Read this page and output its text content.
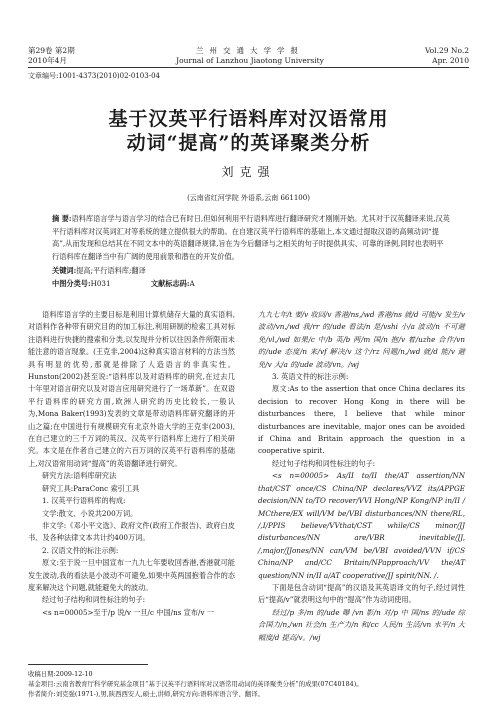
第29卷 第2期
2010年4月
兰州交通大学学报
Journal of Lanzhou Jiaotong University
Vol.29 No.2
Apr. 2010
文章编号:1001-4373(2010)02-0103-04
基于汉英平行语料库对汉语常用
动词“提高”的英译聚类分析
刘克强
(云南省红河学院 外语系,云南 661100)
摘 要:语料库语言学与语言学习的结合已有时日,但如何利用平行语料库进行翻译研究才刚刚开始。尤其对于汉英翻译来说,汉英平行语料库对汉英词汇对等系统的建立提供很大的帮助。在自建汉英平行语料库的基础上,本文通过提取汉语的高频动词“提高”,从而发现和总结其在不同文本中的英语翻译规律,旨在为今后翻译与之相关的句子时提供具实、可靠的译例,同时也表明平行语料库在翻译当中有广阔的使用前景和潜在的开发价值。
关键词:提高;平行语料库;翻译
中图分类号:H031	文献标志码:A

语料库语言学的主要目标是利用计算机储存大量的真实语料,对语料作各种带有研究目的的加工标注,利用研制的检索工具对标注语料进行快捷的搜索和分类,以发现并分析以往因条件所限而未能注意的语言现象。(王克非,2004)这种真实语言材料的方法当然具有明显的优势,那就是排除了人造语言的非真实性。Hunston(2002)甚至说:“语料库以及对语料库的研究,在过去几十年里对语言研究以及对语言应用研究进行了一场革新”。在双语平行语料库的研究方面,欧洲人研究的历史比较长,一般认为,Mona Baker(1993)发表的文章是带动语料库研究翻译的开山之篇;在中国进行有规模研究有北京外语大学的王克非(2003),在自己建立的三千万词的英汉、汉英平行语料库上进行了相关研究。本文是在作者自己建立的六百万词的汉英平行语料库的基础上,对汉语常用动词“提高”的英语翻译进行研究。

研究方法:语料库研究法

研究工具:ParaConc 索引工具

1. 汉英平行语料库的构成:

文学:散文、小说共200万词。

非文学:《邓小平文选》、政府文件(政府工作报告)、政府白皮书、及各种法律文本共计约400万词。

2. 汉语文件的标注示例:

原文:至于说一旦中国宣布一九九七年要收回香港,香港就可能发生波动,我的看法是小波动不可避免,如果中英两国抱着合作的态度来解决这个问题,就能避免大的波动。

经过句子结构和词性标注的句子:

<s n=00005>至于/p 说/v 一旦/c 中国/ns 宣布/v 一

九九七年/t 要/v 收回/v 香港/ns,/wd 香港/ns 就/d 可能/v 发生/v 波动/vn,/wd 我/rr 的/ude 看法/n 是/vshi 小/a 波动/n 不可避免/vl,/wd 如果/c 中/b 英/b 两/m 国/n 抱/v 着/uzhe 合作/vn 的/ude 态度/n 来/vf 解决/v 这个/rz 问题/n,/wd 就/d 能/v 避免/v 大/a 的/ude 波动/vn。/wj

3. 英语文件的标注示例:

原文:As to the assertion that once China declares its decision to recover Hong Kong in there will be disturbances there, I believe that while minor disturbances are inevitable, major ones can be avoided if China and Britain approach the question in a cooperative spirit.

经过句子结构和词性标注的句子:

<s n=00005> As/II to/II the/AT assertion/NN that/CST once/CS China/NP declares/VVZ its/APPGE decision/NN to/TO recover/VVI Hong/NP Kong/NP in/II / MCthere/EX will/VM be/VBI disturbances/NN there/RL, /,I/PPIS believe/VVthat/CST while/CS minor/JJ disturbances/NN are/VBR inevitable/JJ, /,major/JJones/NN can/VM be/VBI avoided/VVN if/CS China/NP and/CC Britain/NPapproach/VV the/AT question/NN in/II a/AT cooperative/JJ spirit/NN. /.

下面是包含动词“提高”的汉语及其英语译文的句子,经过词性后“提高/v”就表明这句中的“提高”作为动词使用。

经过/p 多/m 的/ude 曝 /vn 影/n 对/p 中 国/ns 的/ude 综合国力/n,/wn 社会/n 生产力/n 和/cc 人民/n 生活/vn 水平/n 大幅度/d 提高/v。/wj

收稿日期:2009-12-10
基金项目:云南省教育厅科学研究基金项目“基于汉英平行语料库对汉语常用动词的英译聚类分析”的成果(07C40184)。
作者简介:刘克强(1971-),男,陕西西安人,硕士,讲师,研究方向:语料库语言学、翻译。
